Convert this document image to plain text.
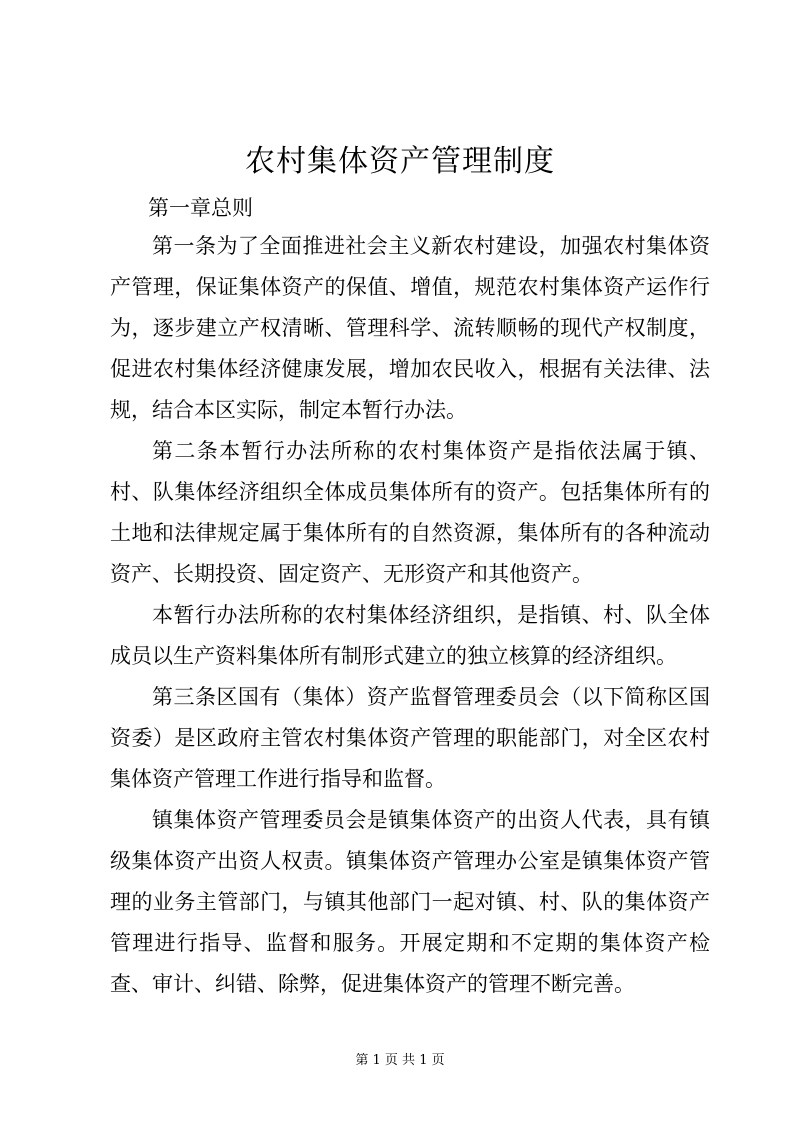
农村集体资产管理制度
第一章总则

第一条为了全面推进社会主义新农村建设，加强农村集体资产管理，保证集体资产的保值、增值，规范农村集体资产运作行为，逐步建立产权清晰、管理科学、流转顺畅的现代产权制度，促进农村集体经济健康发展，增加农民收入，根据有关法律、法规，结合本区实际，制定本暂行办法。

第二条本暂行办法所称的农村集体资产是指依法属于镇、村、队集体经济组织全体成员集体所有的资产。包括集体所有的土地和法律规定属于集体所有的自然资源，集体所有的各种流动资产、长期投资、固定资产、无形资产和其他资产。

本暂行办法所称的农村集体经济组织，是指镇、村、队全体成员以生产资料集体所有制形式建立的独立核算的经济组织。

第三条区国有（集体）资产监督管理委员会（以下简称区国资委）是区政府主管农村集体资产管理的职能部门，对全区农村集体资产管理工作进行指导和监督。

镇集体资产管理委员会是镇集体资产的出资人代表，具有镇级集体资产出资人权责。镇集体资产管理办公室是镇集体资产管理的业务主管部门，与镇其他部门一起对镇、村、队的集体资产管理进行指导、监督和服务。开展定期和不定期的集体资产检查、审计、纠错、除弊，促进集体资产的管理不断完善。

第 1 页 共 1 页
